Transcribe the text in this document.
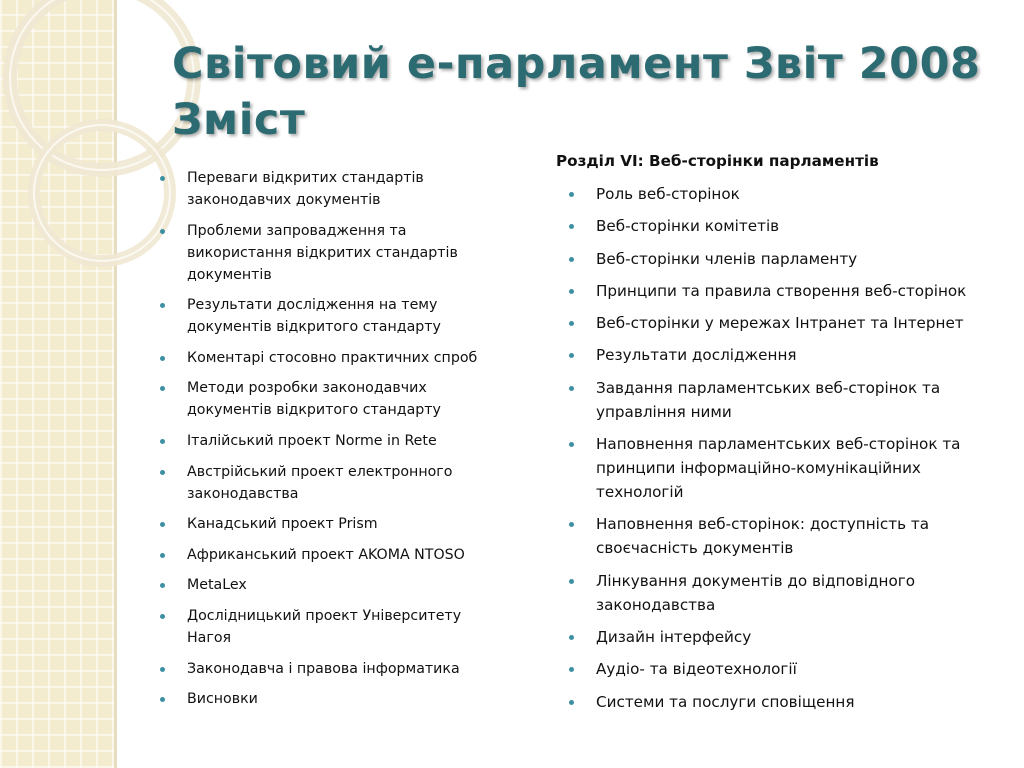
Світовий е-парламент Звіт 2008
Зміст
Переваги відкритих стандартів законодавчих документів
Проблеми запровадження та використання відкритих стандартів документів
Результати дослідження на тему документів відкритого стандарту
Коментарі стосовно практичних спроб
Методи розробки законодавчих документів відкритого стандарту
Італійський проект Norme in Rete
Австрійський проект електронного законодавства
Канадський проект Prism
Африканський проект AKOMA NTOSO
MetaLex
Дослідницький проект Університету Нагоя
Законодавча і правова інформатика
Висновки

Розділ VI: Веб-сторінки парламентів

Роль веб-сторінок
Веб-сторінки комітетів
Веб-сторінки членів парламенту
Принципи та правила створення веб-сторінок
Веб-сторінки у мережах Інтранет та Інтернет
Результати дослідження
Завдання парламентських веб-сторінок та управління ними
Наповнення парламентських веб-сторінок та принципи інформаційно-комунікаційних технологій
Наповнення веб-сторінок: доступність та своєчасність документів
Лінкування документів до відповідного законодавства
Дизайн інтерфейсу
Аудіо- та відеотехнології
Системи та послуги сповіщення
